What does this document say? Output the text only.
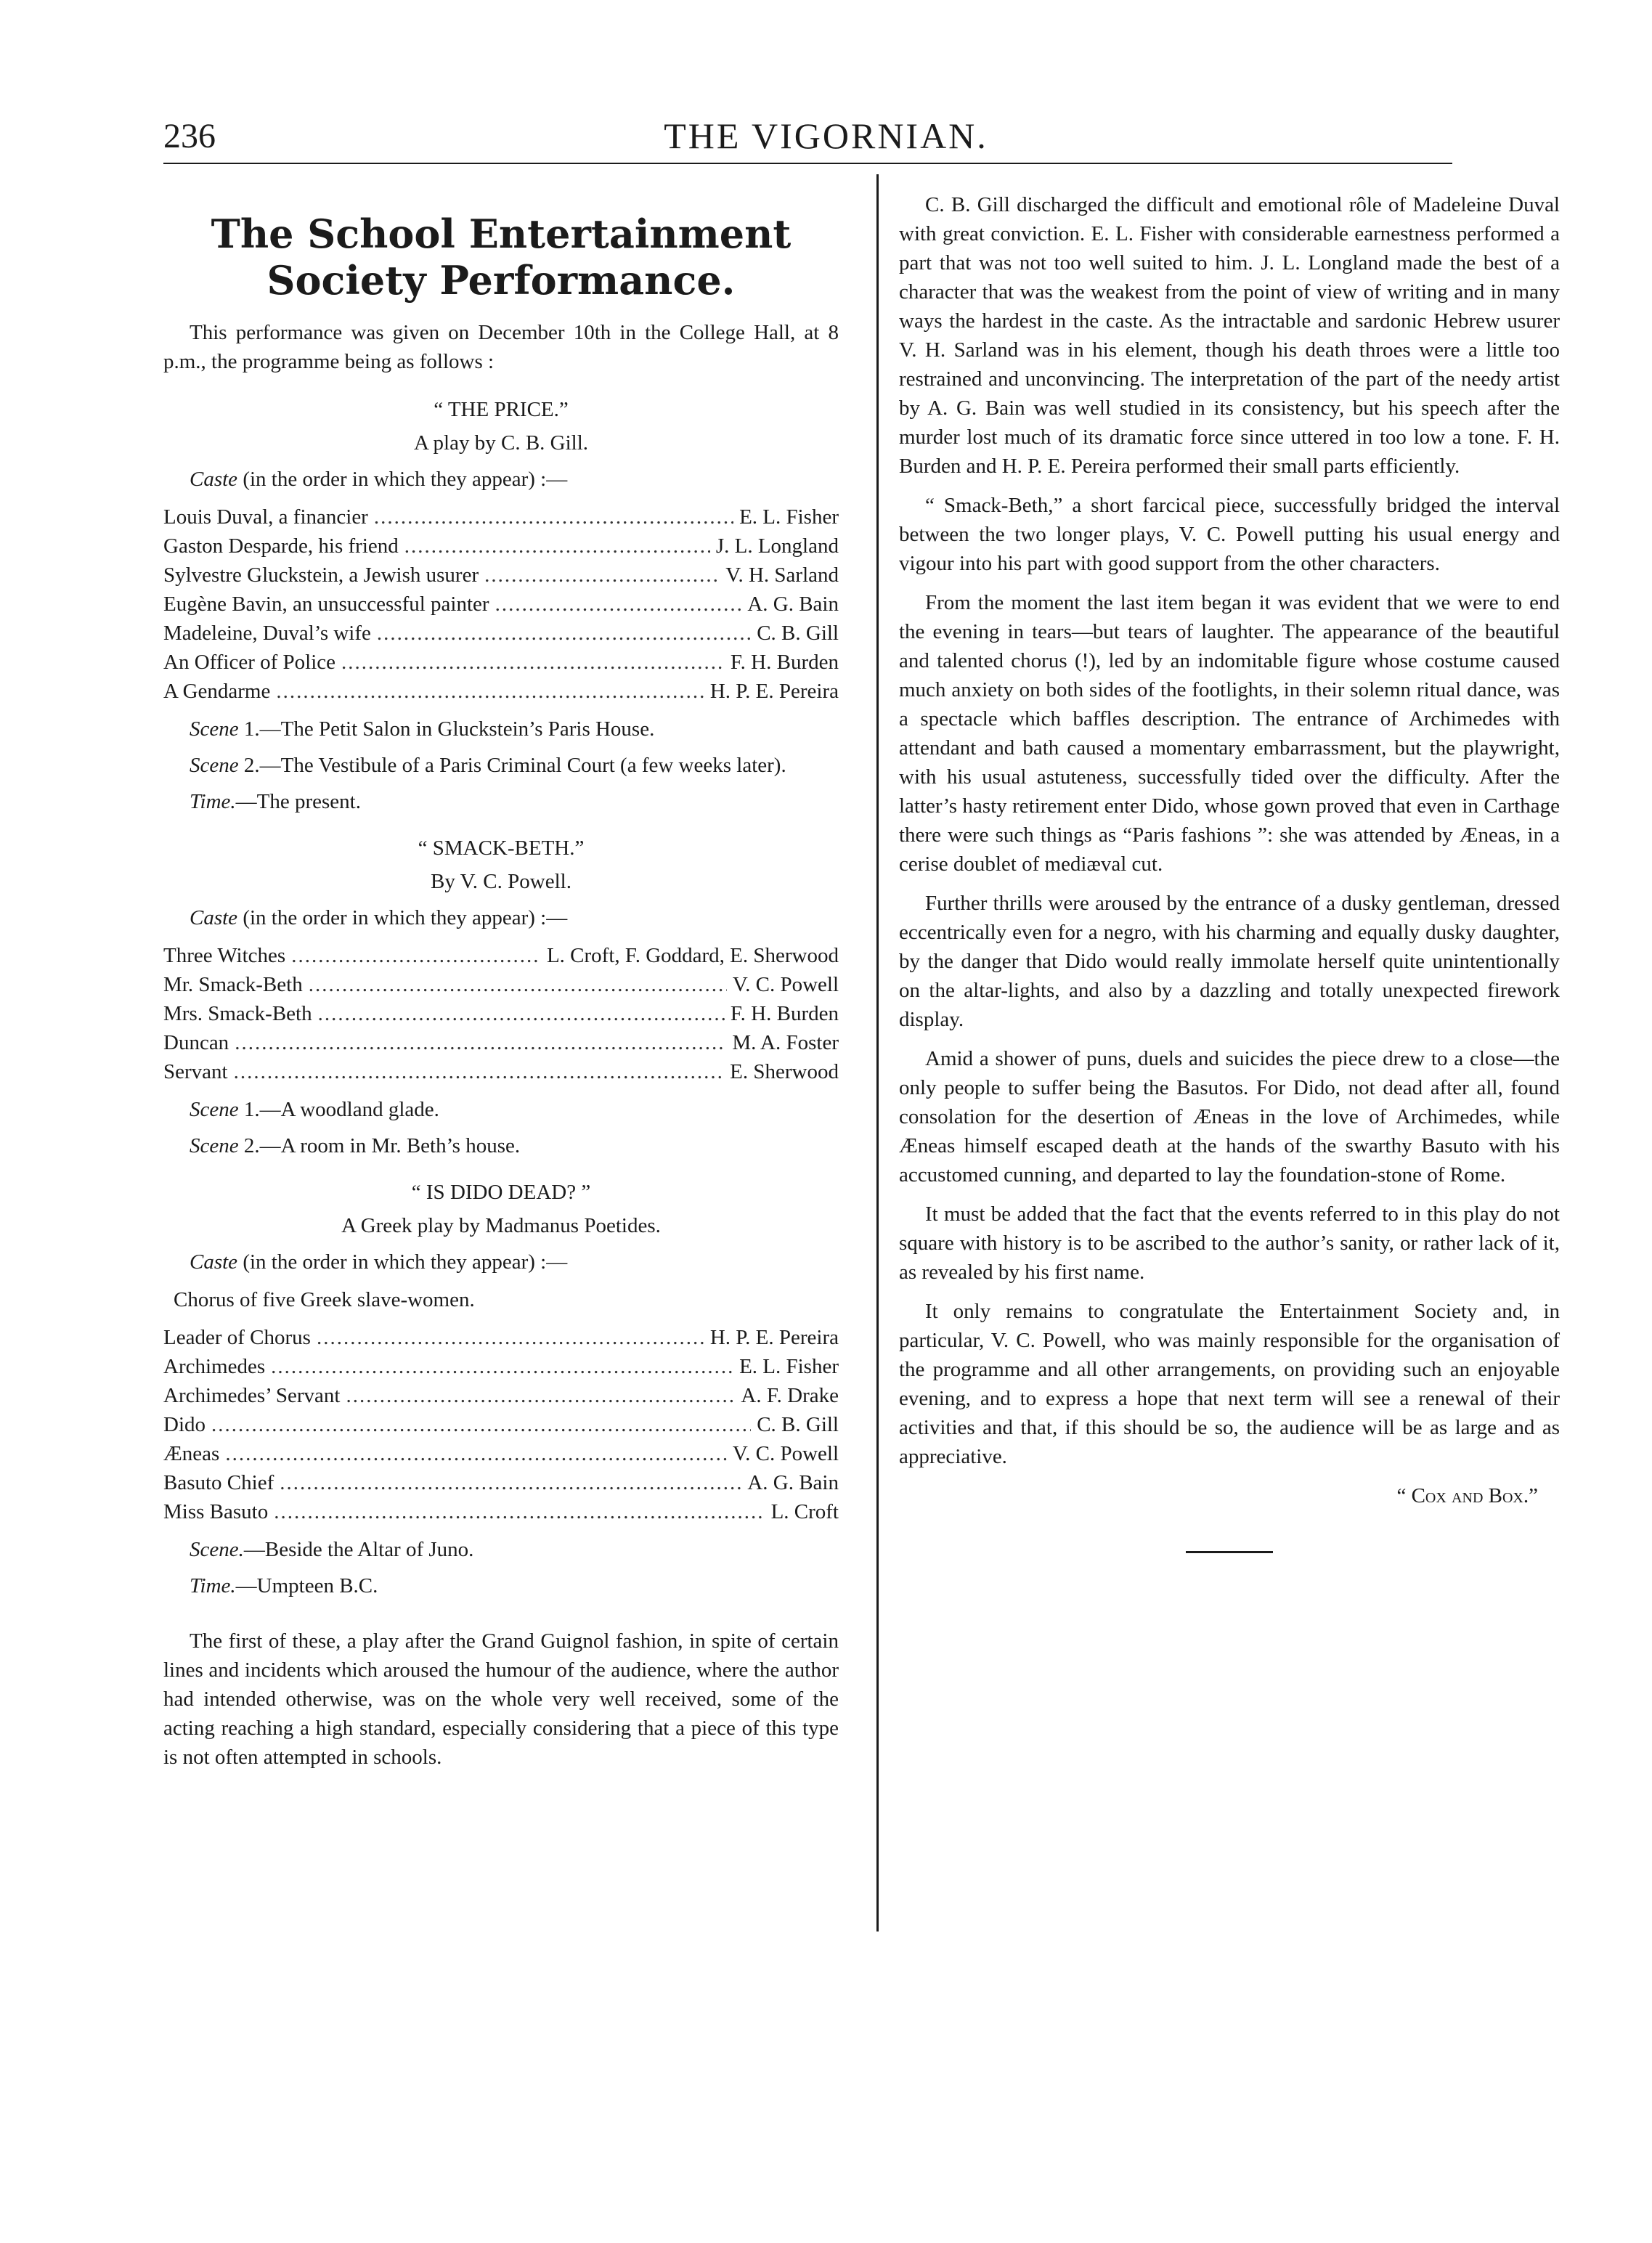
236	THE VIGORNIAN.
The School Entertainment Society Performance.

This performance was given on December 10th in the College Hall, at 8 p.m., the programme being as follows :

“ THE PRICE.”

A play by C. B. Gill.

Caste (in the order in which they appear) :—

Louis Duval, a financier .....	E. L. Fisher
Gaston Desparde, his friend .....	J. L. Longland
Sylvestre Gluckstein, a Jewish usurer .....	V. H. Sarland
Eugène Bavin, an unsuccessful painter .....	A. G. Bain
Madeleine, Duval’s wife .....	C. B. Gill
An Officer of Police .....	F. H. Burden
A Gendarme .....	H. P. E. Pereira

Scene 1.—The Petit Salon in Gluckstein’s Paris House.

Scene 2.—The Vestibule of a Paris Criminal Court (a few weeks later).

Time.—The present.

“ SMACK-BETH.”

By V. C. Powell.

Caste (in the order in which they appear) :—

Three Witches .....	L. Croft, F. Goddard, E. Sherwood
Mr. Smack-Beth .....	V. C. Powell
Mrs. Smack-Beth .....	F. H. Burden
Duncan .....	M. A. Foster
Servant .....	E. Sherwood

Scene 1.—A woodland glade.

Scene 2.—A room in Mr. Beth’s house.

“ IS DIDO DEAD? ”

A Greek play by Madmanus Poetides.

Caste (in the order in which they appear) :—

Chorus of five Greek slave-women.

Leader of Chorus .....	H. P. E. Pereira
Archimedes .....	E. L. Fisher
Archimedes’ Servant .....	A. F. Drake
Dido .....	C. B. Gill
Æneas .....	V. C. Powell
Basuto Chief .....	A. G. Bain
Miss Basuto .....	L. Croft

Scene.—Beside the Altar of Juno.

Time.—Umpteen B.C.

The first of these, a play after the Grand Guignol fashion, in spite of certain lines and incidents which aroused the humour of the audience, where the author had intended otherwise, was on the whole very well received, some of the acting reaching a high standard, especially considering that a piece of this type is not often attempted in schools.

C. B. Gill discharged the difficult and emotional rôle of Madeleine Duval with great conviction. E. L. Fisher with considerable earnestness performed a part that was not too well suited to him. J. L. Longland made the best of a character that was the weakest from the point of view of writing and in many ways the hardest in the caste. As the intractable and sardonic Hebrew usurer V. H. Sarland was in his element, though his death throes were a little too restrained and unconvincing. The interpretation of the part of the needy artist by A. G. Bain was well studied in its consistency, but his speech after the murder lost much of its dramatic force since uttered in too low a tone. F. H. Burden and H. P. E. Pereira performed their small parts efficiently.

“ Smack-Beth,” a short farcical piece, successfully bridged the interval between the two longer plays, V. C. Powell putting his usual energy and vigour into his part with good support from the other characters.

From the moment the last item began it was evident that we were to end the evening in tears—but tears of laughter. The appearance of the beautiful and talented chorus (!), led by an indomitable figure whose costume caused much anxiety on both sides of the footlights, in their solemn ritual dance, was a spectacle which baffles description. The entrance of Archimedes with attendant and bath caused a momentary embarrassment, but the playwright, with his usual astuteness, successfully tided over the difficulty. After the latter’s hasty retirement enter Dido, whose gown proved that even in Carthage there were such things as “Paris fashions ”: she was attended by Æneas, in a cerise doublet of mediæval cut.

Further thrills were aroused by the entrance of a dusky gentleman, dressed eccentrically even for a negro, with his charming and equally dusky daughter, by the danger that Dido would really immolate herself quite unintentionally on the altar-lights, and also by a dazzling and totally unexpected firework display.

Amid a shower of puns, duels and suicides the piece drew to a close—the only people to suffer being the Basutos. For Dido, not dead after all, found consolation for the desertion of Æneas in the love of Archimedes, while Æneas himself escaped death at the hands of the swarthy Basuto with his accustomed cunning, and departed to lay the foundation-stone of Rome.

It must be added that the fact that the events referred to in this play do not square with history is to be ascribed to the author’s sanity, or rather lack of it, as revealed by his first name.

It only remains to congratulate the Entertainment Society and, in particular, V. C. Powell, who was mainly responsible for the organisation of the programme and all other arrangements, on providing such an enjoyable evening, and to express a hope that next term will see a renewal of their activities and that, if this should be so, the audience will be as large and as appreciative.

“ Cox and Box.”
